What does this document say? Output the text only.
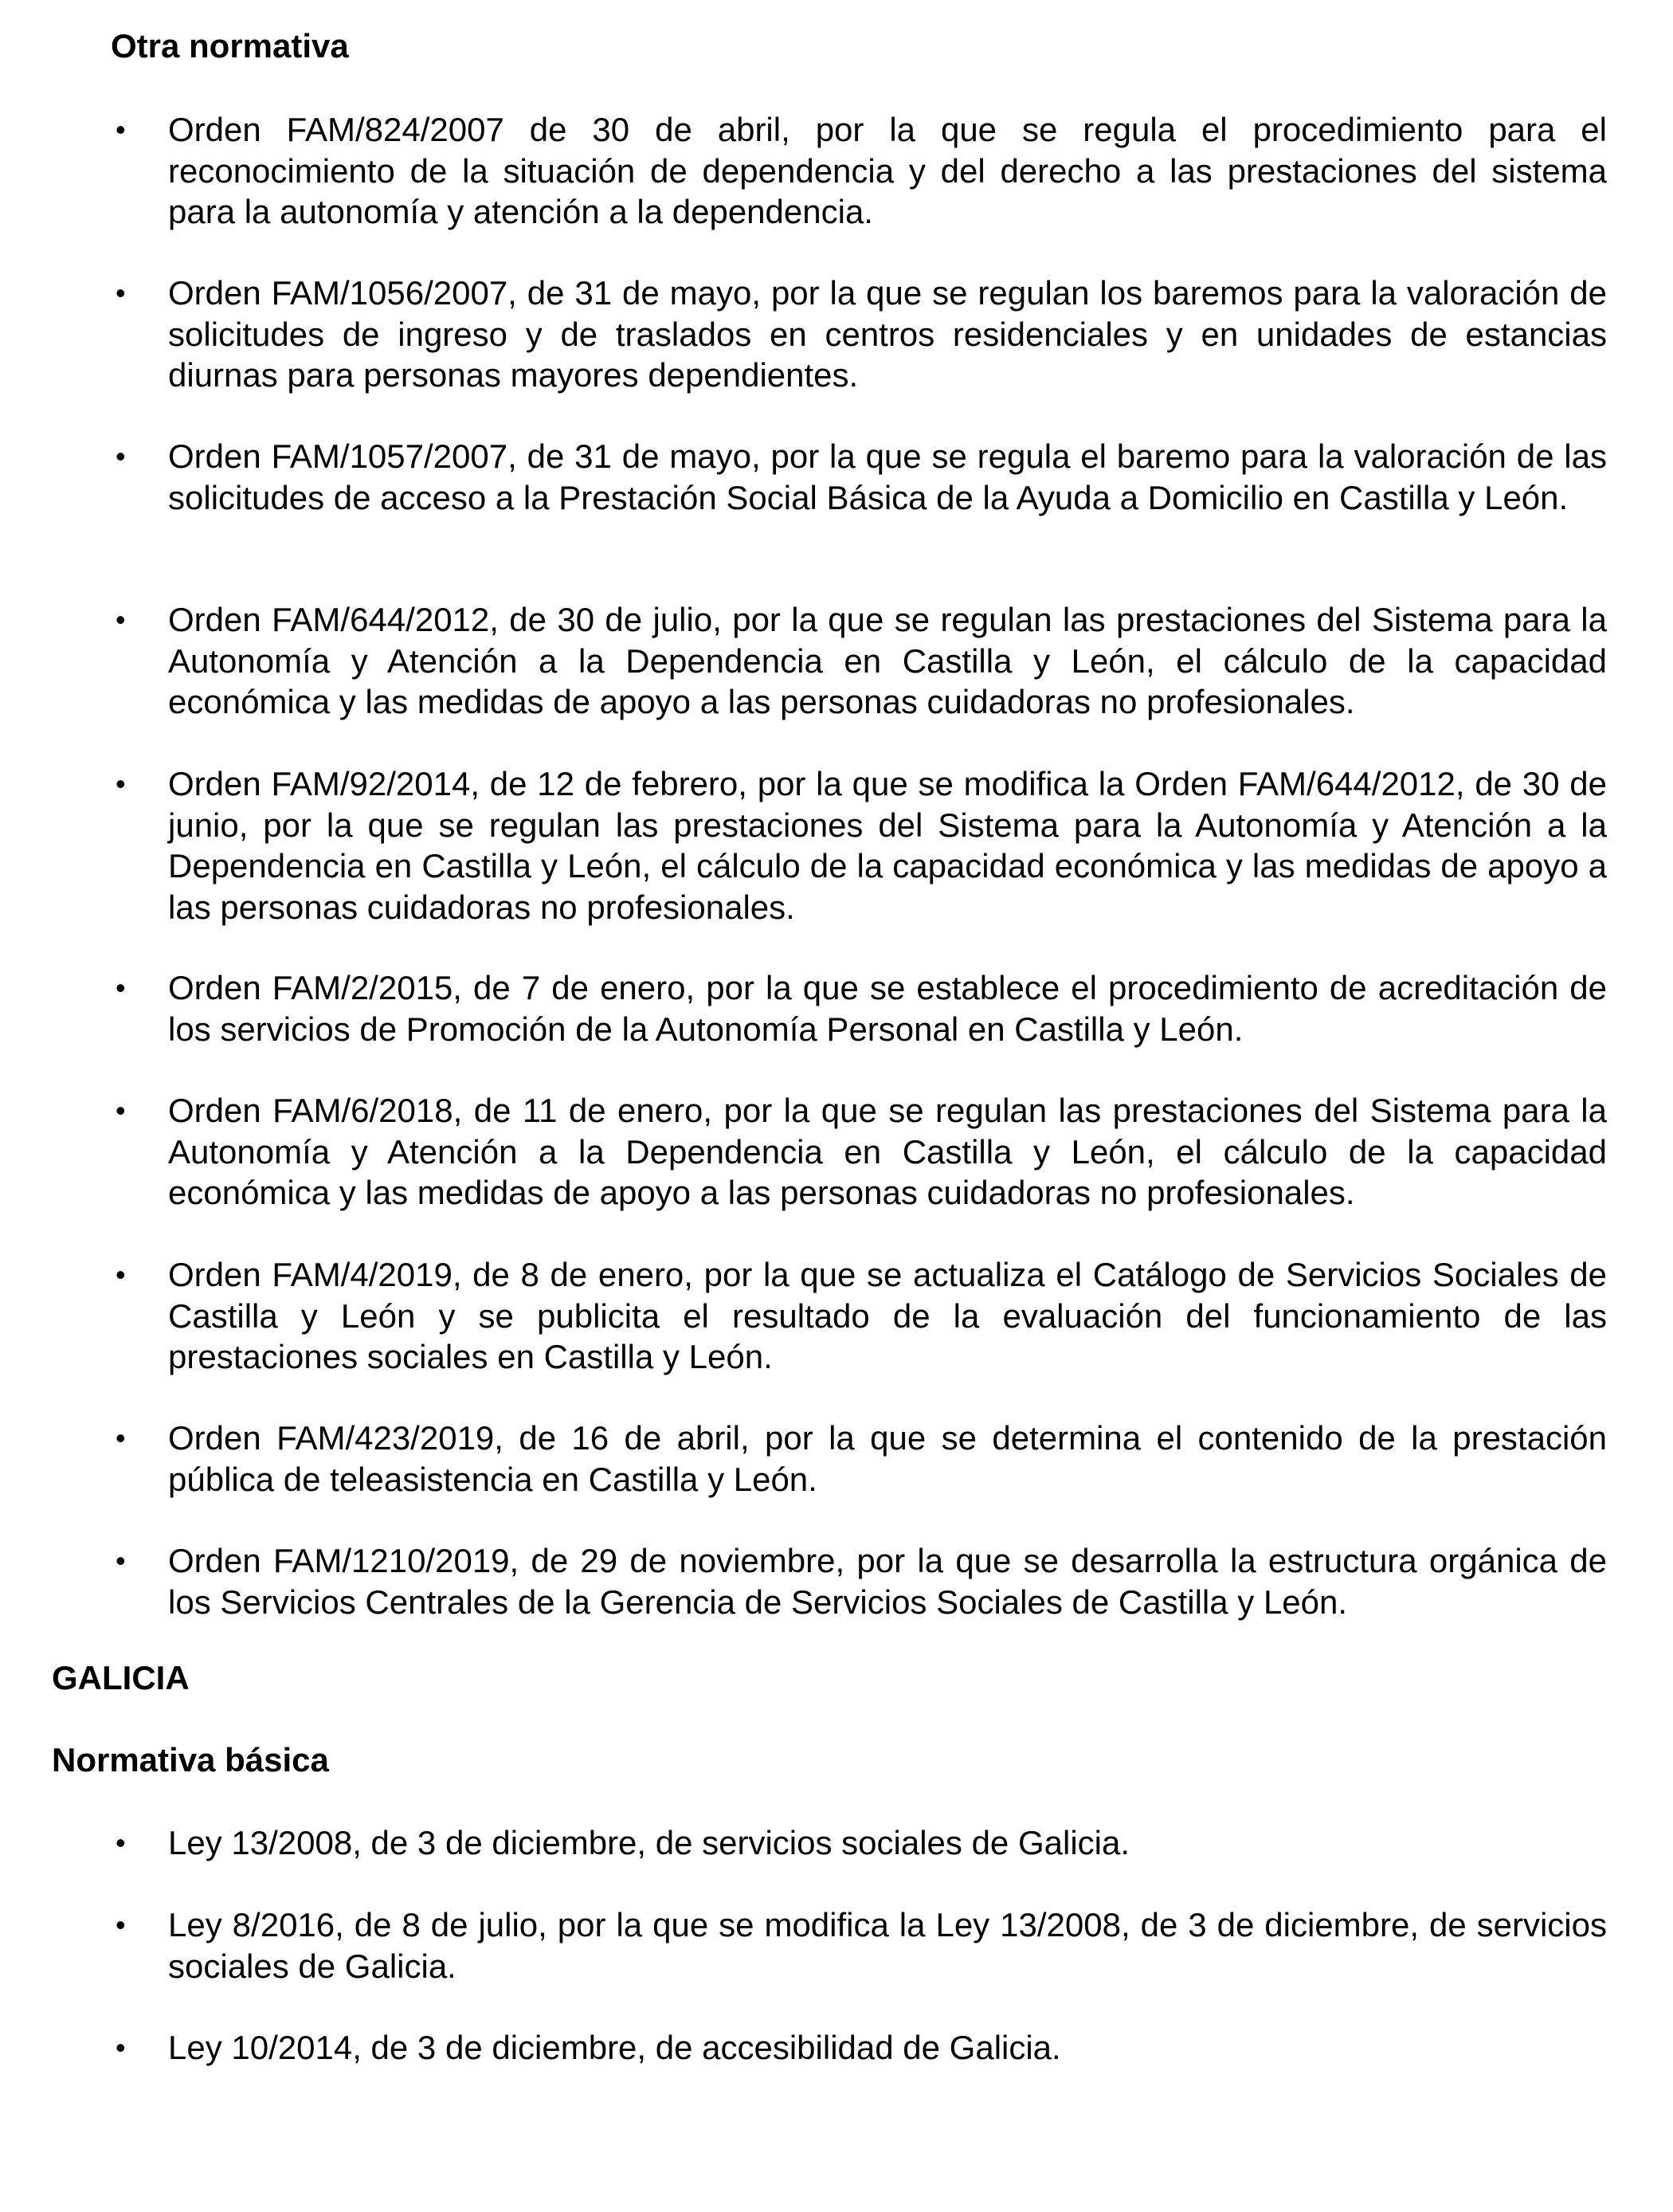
Otra normativa
• Orden FAM/824/2007 de 30 de abril, por la que se regula el procedimiento para el reconocimiento de la situación de dependencia y del derecho a las prestaciones del sistema para la autonomía y atención a la dependencia.
• Orden FAM/1056/2007, de 31 de mayo, por la que se regulan los baremos para la valoración de solicitudes de ingreso y de traslados en centros residenciales y en unidades de estancias diurnas para personas mayores dependientes.
• Orden FAM/1057/2007, de 31 de mayo, por la que se regula el baremo para la valoración de las solicitudes de acceso a la Prestación Social Básica de la Ayuda a Domicilio en Castilla y León.
• Orden FAM/644/2012, de 30 de julio, por la que se regulan las prestaciones del Sistema para la Autonomía y Atención a la Dependencia en Castilla y León, el cálculo de la capacidad económica y las medidas de apoyo a las personas cuidadoras no profesionales.
• Orden FAM/92/2014, de 12 de febrero, por la que se modifica la Orden FAM/644/2012, de 30 de junio, por la que se regulan las prestaciones del Sistema para la Autonomía y Atención a la Dependencia en Castilla y León, el cálculo de la capacidad económica y las medidas de apoyo a las personas cuidadoras no profesionales.
• Orden FAM/2/2015, de 7 de enero, por la que se establece el procedimiento de acreditación de los servicios de Promoción de la Autonomía Personal en Castilla y León.
• Orden FAM/6/2018, de 11 de enero, por la que se regulan las prestaciones del Sistema para la Autonomía y Atención a la Dependencia en Castilla y León, el cálculo de la capacidad económica y las medidas de apoyo a las personas cuidadoras no profesionales.
• Orden FAM/4/2019, de 8 de enero, por la que se actualiza el Catálogo de Servicios Sociales de Castilla y León y se publicita el resultado de la evaluación del funcionamiento de las prestaciones sociales en Castilla y León.
• Orden FAM/423/2019, de 16 de abril, por la que se determina el contenido de la prestación pública de teleasistencia en Castilla y León.
• Orden FAM/1210/2019, de 29 de noviembre, por la que se desarrolla la estructura orgánica de los Servicios Centrales de la Gerencia de Servicios Sociales de Castilla y León.
GALICIA
Normativa básica
• Ley 13/2008, de 3 de diciembre, de servicios sociales de Galicia.
• Ley 8/2016, de 8 de julio, por la que se modifica la Ley 13/2008, de 3 de diciembre, de servicios sociales de Galicia.
• Ley 10/2014, de 3 de diciembre, de accesibilidad de Galicia.
